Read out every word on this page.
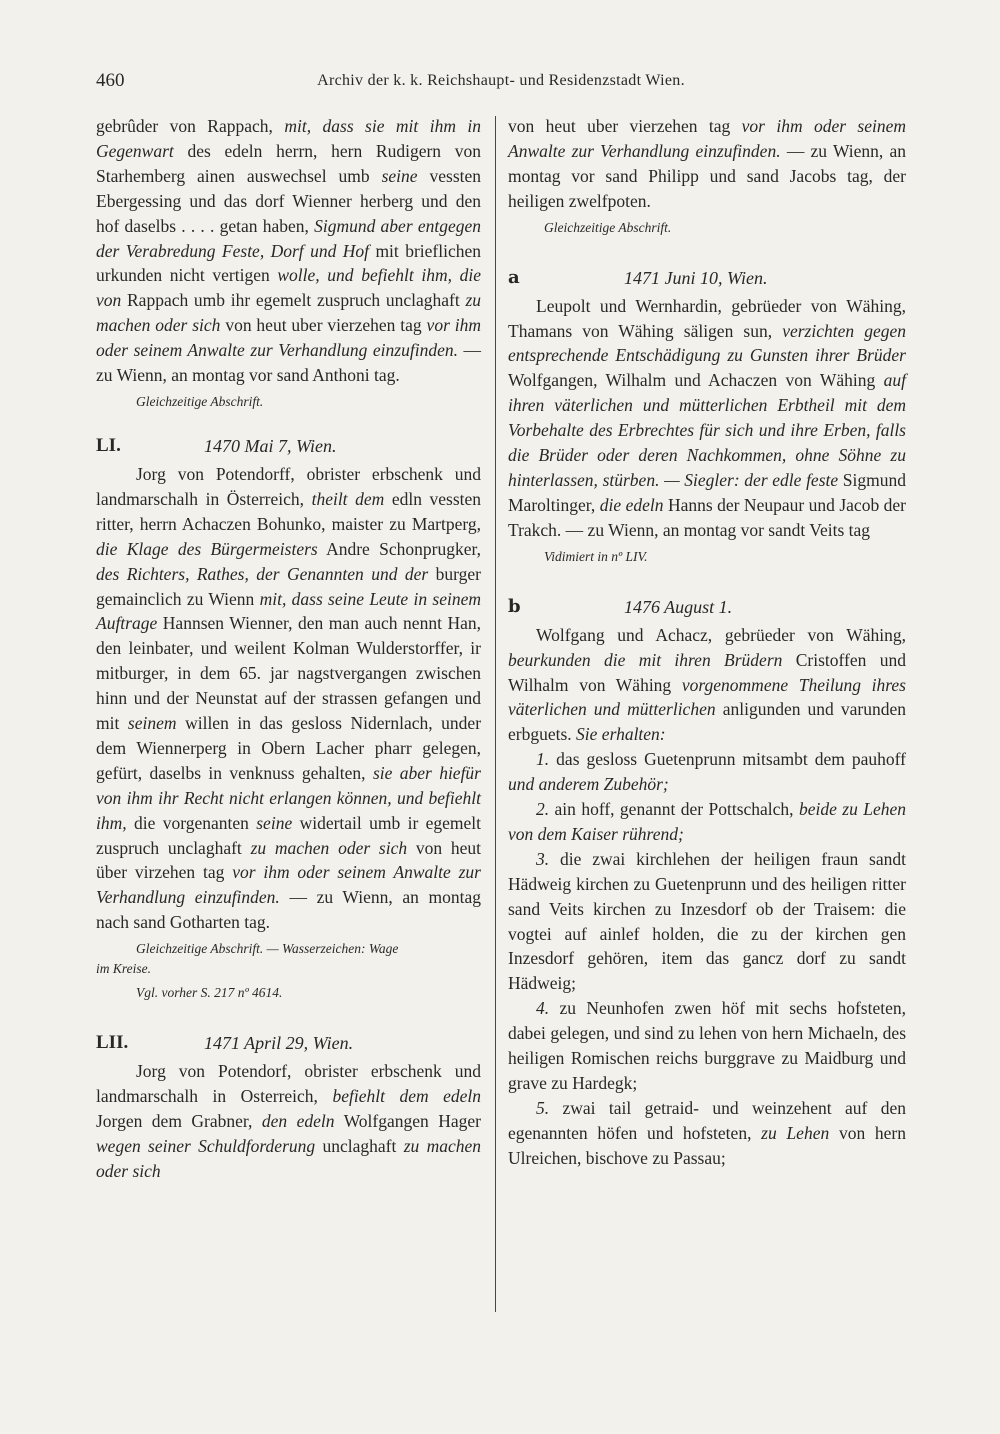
460	Archiv der k. k. Reichshaupt- und Residenzstadt Wien.

gebrûder von Rappach, mit, dass sie mit ihm in Gegenwart des edeln herrn, hern Rudigern von Starhemberg ainen auswechsel umb seine vessten Ebergessing und das dorf Wienner herberg und den hof daselbs . . . . getan haben, Sigmund aber entgegen der Verabredung Feste, Dorf und Hof mit brieflichen urkunden nicht vertigen wolle, und befiehlt ihm, die von Rappach umb ihr egemelt zuspruch unclaghaft zu machen oder sich von heut uber vierzehen tag vor ihm oder seinem Anwalte zur Verhandlung einzufinden. — zu Wienn, an montag vor sand Anthoni tag.

Gleichzeitige Abschrift.

LI.	1470 Mai 7, Wien.

Jorg von Potendorff, obrister erbschenk und landmarschalh in Österreich, theilt dem edln vessten ritter, herrn Achaczen Bohunko, maister zu Martperg, die Klage des Bürgermeisters Andre Schonprugker, des Richters, Rathes, der Genannten und der burger gemainclich zu Wienn mit, dass seine Leute in seinem Auftrage Hannsen Wienner, den man auch nennt Han, den leinbater, und weilent Kolman Wulderstorffer, ir mitburger, in dem 65. jar nagstvergangen zwischen hinn und der Neunstat auf der strassen gefangen und mit seinem willen in das gesloss Nidernlach, under dem Wiennerperg in Obern Lacher pharr gelegen, gefürt, daselbs in venknuss gehalten, sie aber hiefür von ihm ihr Recht nicht erlangen können, und befiehlt ihm, die vorgenanten seine widertail umb ir egemelt zuspruch unclaghaft zu machen oder sich von heut über virzehen tag vor ihm oder seinem Anwalte zur Verhandlung einzufinden. — zu Wienn, an montag nach sand Gotharten tag.

Gleichzeitige Abschrift. — Wasserzeichen: Wage

im Kreise.

Vgl. vorher S. 217 nº 4614.

LII.	1471 April 29, Wien.

Jorg von Potendorf, obrister erbschenk und landmarschalh in Osterreich, befiehlt dem edeln Jorgen dem Grabner, den edeln Wolfgangen Hager wegen seiner Schuldforderung unclaghaft zu machen oder sich

von heut uber vierzehen tag vor ihm oder seinem Anwalte zur Verhandlung einzufinden. — zu Wienn, an montag vor sand Philipp und sand Jacobs tag, der heiligen zwelfpoten.

Gleichzeitige Abschrift.

a	1471 Juni 10, Wien.

Leupolt und Wernhardin, gebrüeder von Wähing, Thamans von Wähing säligen sun, verzichten gegen entsprechende Entschädigung zu Gunsten ihrer Brüder Wolfgangen, Wilhalm und Achaczen von Wähing auf ihren väterlichen und mütterlichen Erbtheil mit dem Vorbehalte des Erbrechtes für sich und ihre Erben, falls die Brüder oder deren Nachkommen, ohne Söhne zu hinterlassen, stürben. — Siegler: der edle feste Sigmund Maroltinger, die edeln Hanns der Neupaur und Jacob der Trakch. — zu Wienn, an montag vor sandt Veits tag

Vidimiert in nº LIV.

b	1476 August 1.

Wolfgang und Achacz, gebrüeder von Wähing, beurkunden die mit ihren Brüdern Cristoffen und Wilhalm von Wähing vorgenommene Theilung ihres väterlichen und mütterlichen anligunden und varunden erbguets. Sie erhalten:

1. das gesloss Guetenprunn mitsambt dem pauhoff und anderem Zubehör;

2. ain hoff, genannt der Pottschalch, beide zu Lehen von dem Kaiser rührend;

3. die zwai kirchlehen der heiligen fraun sandt Hädweig kirchen zu Guetenprunn und des heiligen ritter sand Veits kirchen zu Inzesdorf ob der Traisem: die vogtei auf ainlef holden, die zu der kirchen gen Inzesdorf gehören, item das gancz dorf zu sandt Hädweig;

4. zu Neunhofen zwen höf mit sechs hofsteten, dabei gelegen, und sind zu lehen von hern Michaeln, des heiligen Romischen reichs burggrave zu Maidburg und grave zu Hardegk;

5. zwai tail getraid- und weinzehent auf den egenannten höfen und hofsteten, zu Lehen von hern Ulreichen, bischove zu Passau;
